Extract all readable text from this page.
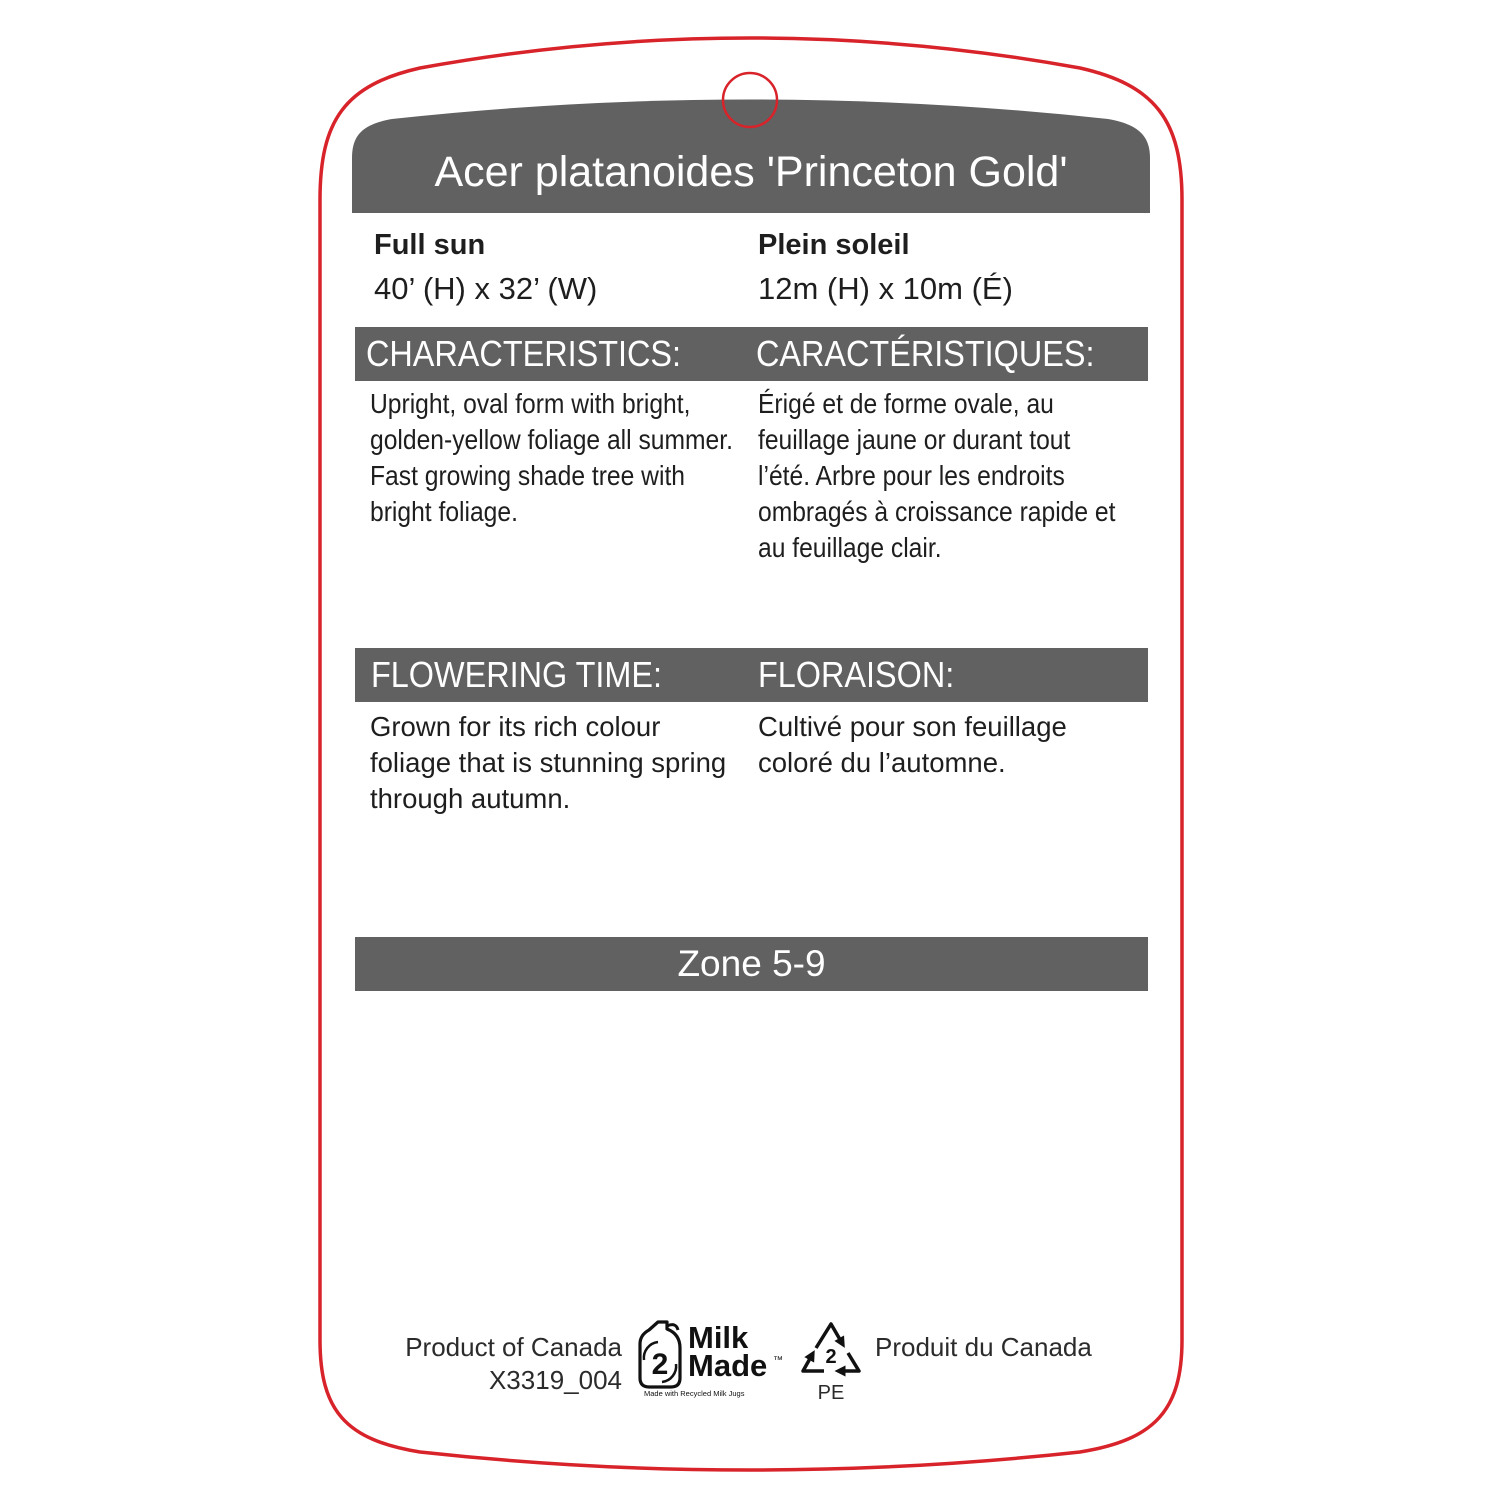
Acer platanoides 'Princeton Gold'
Full sun
40’ (H) x 32’ (W)
Plein soleil
12m (H) x 10m (É)
CHARACTERISTICS: CARACTÉRISTIQUES:
Upright, oval form with bright,
golden-yellow foliage all summer.
Fast growing shade tree with
bright foliage.
Érigé et de forme ovale, au
feuillage jaune or durant tout
l’été. Arbre pour les endroits
ombragés à croissance rapide et
au feuillage clair.
FLOWERING TIME:	FLORAISON:
Grown for its rich colour
foliage that is stunning spring
through autumn.
Cultivé pour son feuillage
coloré du l’automne.
Zone 5-9
Product of Canada
X3319_004
Produit du Canada
2
Milk
Made ™
Made with Recycled Milk Jugs
2
PE
